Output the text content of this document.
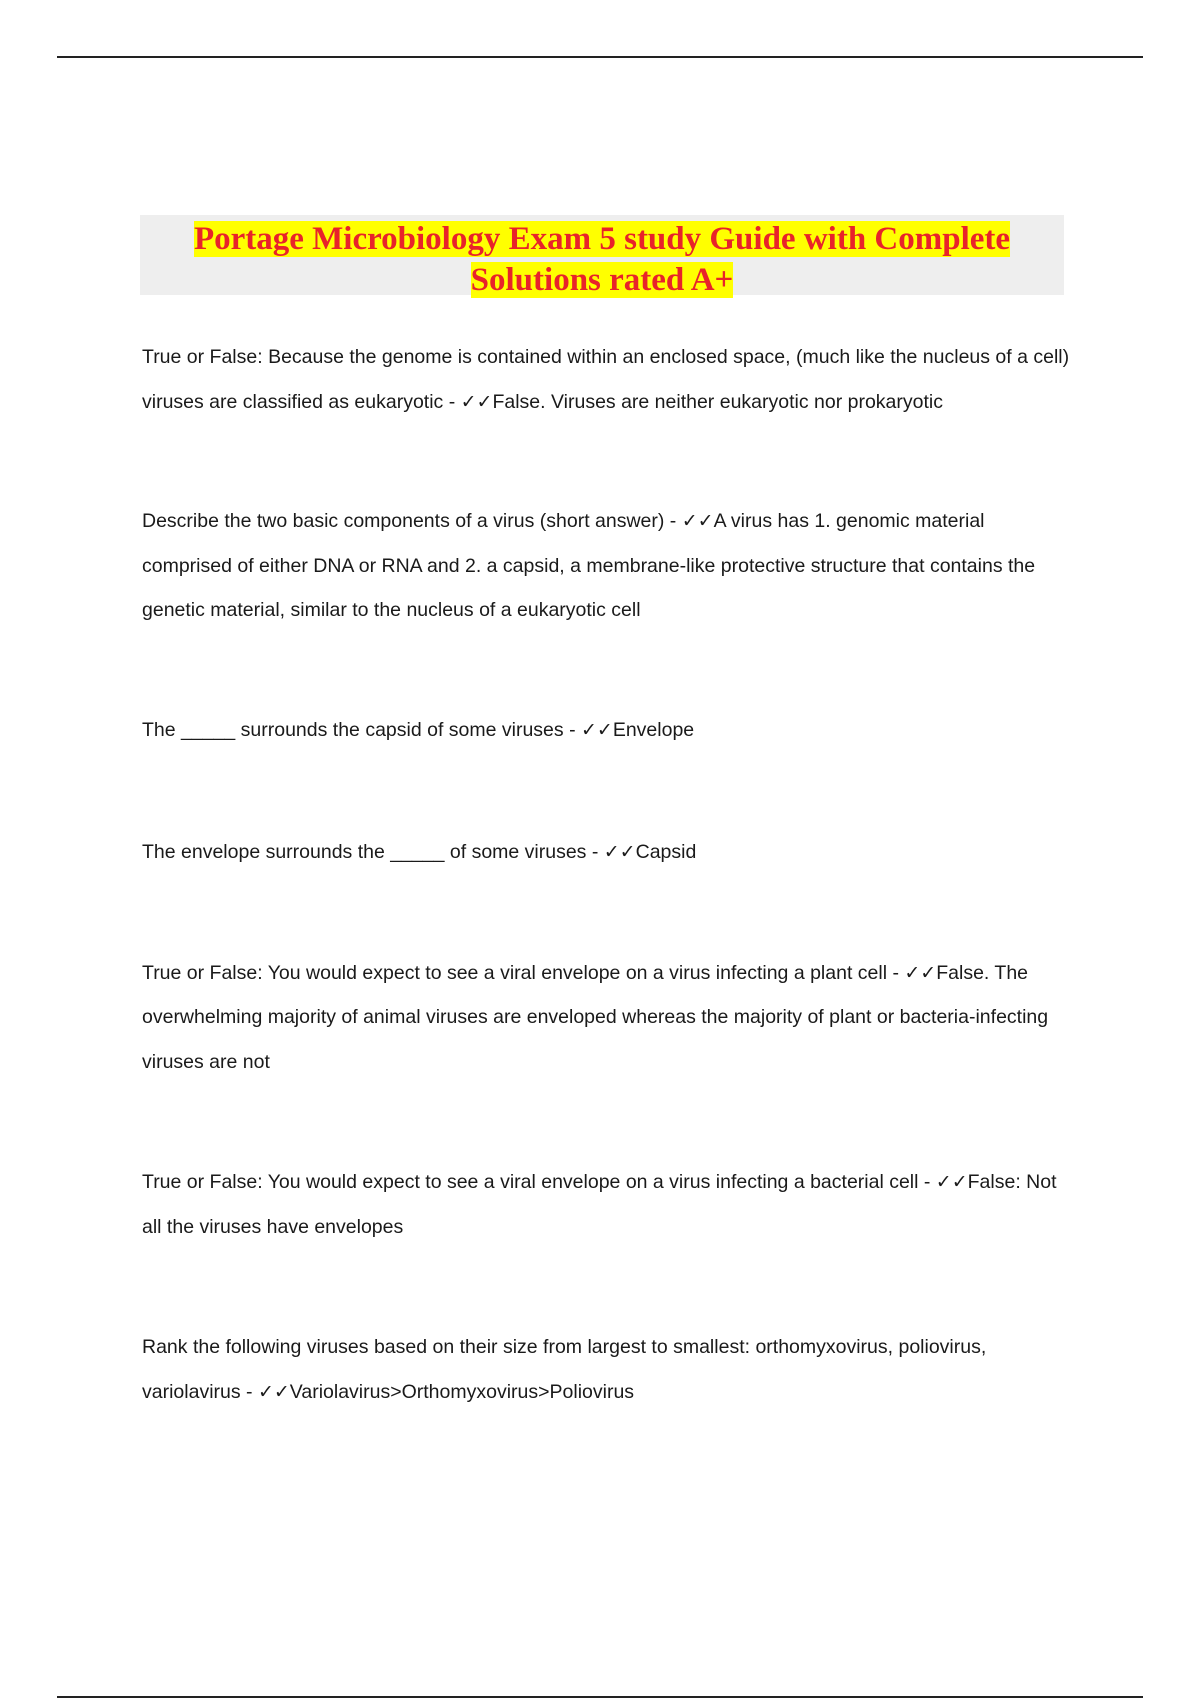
Portage Microbiology Exam 5 study Guide with Complete
Solutions rated A+

True or False: Because the genome is contained within an enclosed space, (much like the nucleus of a cell) viruses are classified as eukaryotic - ✓✓False. Viruses are neither eukaryotic nor prokaryotic

Describe the two basic components of a virus (short answer) - ✓✓A virus has 1. genomic material comprised of either DNA or RNA and 2. a capsid, a membrane-like protective structure that contains the genetic material, similar to the nucleus of a eukaryotic cell

The _____ surrounds the capsid of some viruses - ✓✓Envelope

The envelope surrounds the _____ of some viruses - ✓✓Capsid

True or False: You would expect to see a viral envelope on a virus infecting a plant cell - ✓✓False. The overwhelming majority of animal viruses are enveloped whereas the majority of plant or bacteria-infecting viruses are not

True or False: You would expect to see a viral envelope on a virus infecting a bacterial cell - ✓✓False: Not all the viruses have envelopes

Rank the following viruses based on their size from largest to smallest: orthomyxovirus, poliovirus, variolavirus - ✓✓Variolavirus>Orthomyxovirus>Poliovirus
